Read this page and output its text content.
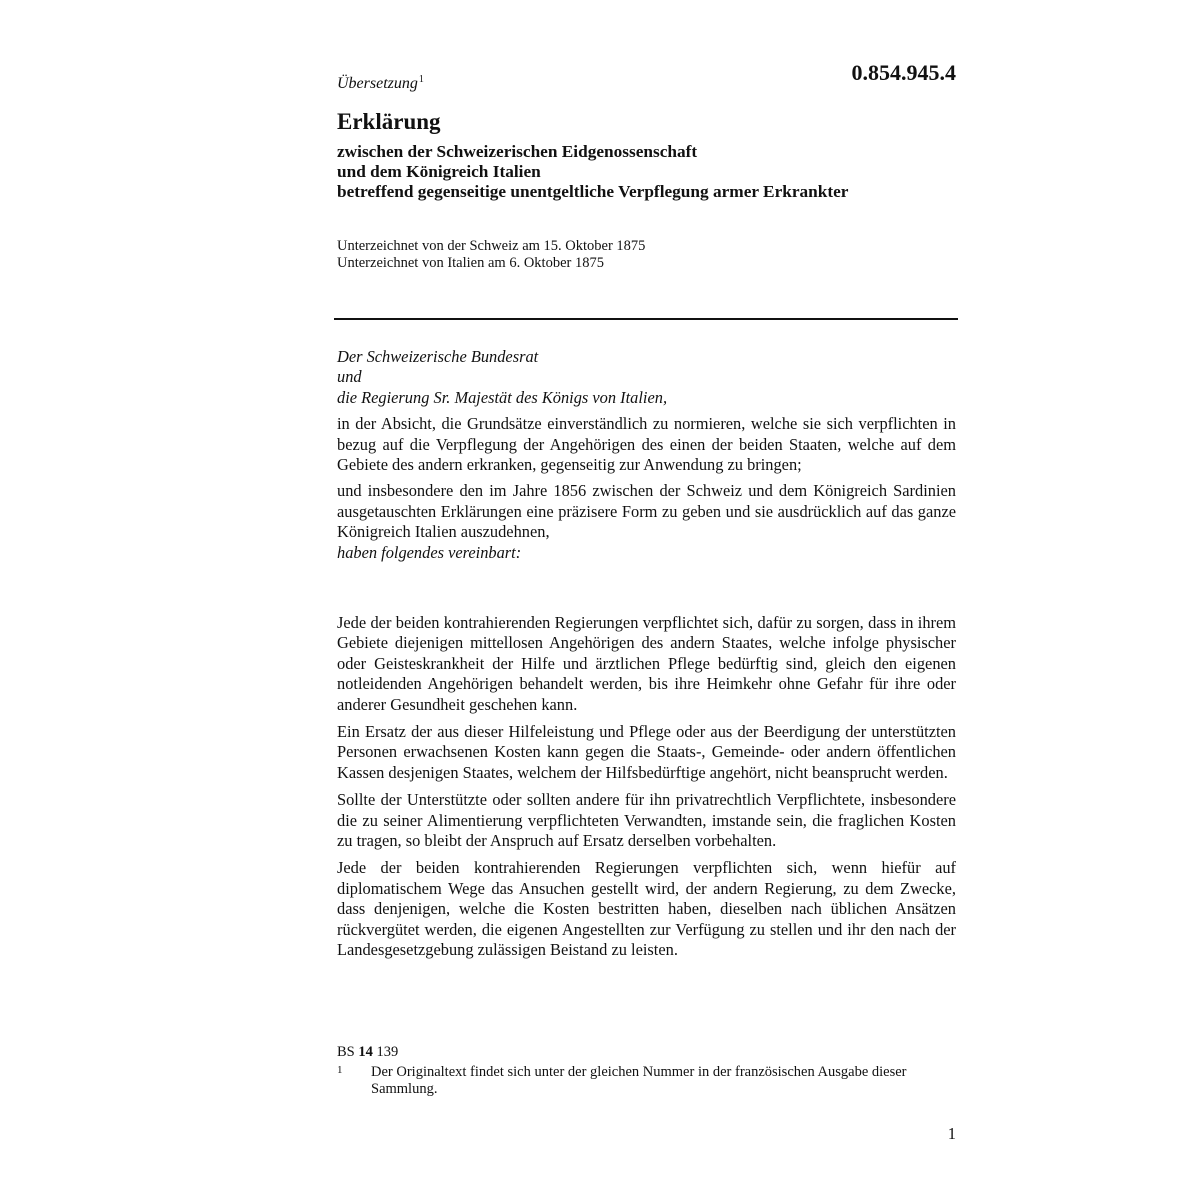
Übersetzung$^1$	0.854.945.4
Erklärung
zwischen der Schweizerischen Eidgenossenschaft
und dem Königreich Italien
betreffend gegenseitige unentgeltliche Verpflegung armer Erkrankter
Unterzeichnet von der Schweiz am 15. Oktober 1875
Unterzeichnet von Italien am 6. Oktober 1875

Der Schweizerische Bundesrat

und

die Regierung Sr. Majestät des Königs von Italien,

in der Absicht, die Grundsätze einverständlich zu normieren, welche sie sich verpflichten in bezug auf die Verpflegung der Angehörigen des einen der beiden Staaten, welche auf dem Gebiete des andern erkranken, gegenseitig zur Anwendung zu bringen;

und insbesondere den im Jahre 1856 zwischen der Schweiz und dem Königreich Sardinien ausgetauschten Erklärungen eine präzisere Form zu geben und sie ausdrücklich auf das ganze Königreich Italien auszudehnen,

haben folgendes vereinbart:

Jede der beiden kontrahierenden Regierungen verpflichtet sich, dafür zu sorgen, dass in ihrem Gebiete diejenigen mittellosen Angehörigen des andern Staates, welche infolge physischer oder Geisteskrankheit der Hilfe und ärztlichen Pflege bedürftig sind, gleich den eigenen notleidenden Angehörigen behandelt werden, bis ihre Heimkehr ohne Gefahr für ihre oder anderer Gesundheit geschehen kann.

Ein Ersatz der aus dieser Hilfeleistung und Pflege oder aus der Beerdigung der unterstützten Personen erwachsenen Kosten kann gegen die Staats-, Gemeinde- oder andern öffentlichen Kassen desjenigen Staates, welchem der Hilfsbedürftige angehört, nicht beansprucht werden.

Sollte der Unterstützte oder sollten andere für ihn privatrechtlich Verpflichtete, insbesondere die zu seiner Alimentierung verpflichteten Verwandten, imstande sein, die fraglichen Kosten zu tragen, so bleibt der Anspruch auf Ersatz derselben vorbehalten.

Jede der beiden kontrahierenden Regierungen verpflichten sich, wenn hiefür auf diplomatischem Wege das Ansuchen gestellt wird, der andern Regierung, zu dem Zwecke, dass denjenigen, welche die Kosten bestritten haben, dieselben nach üblichen Ansätzen rückvergütet werden, die eigenen Angestellten zur Verfügung zu stellen und ihr den nach der Landesgesetzgebung zulässigen Beistand zu leisten.

BS 14 139
1 Der Originaltext findet sich unter der gleichen Nummer in der französischen Ausgabe dieser Sammlung.
1
